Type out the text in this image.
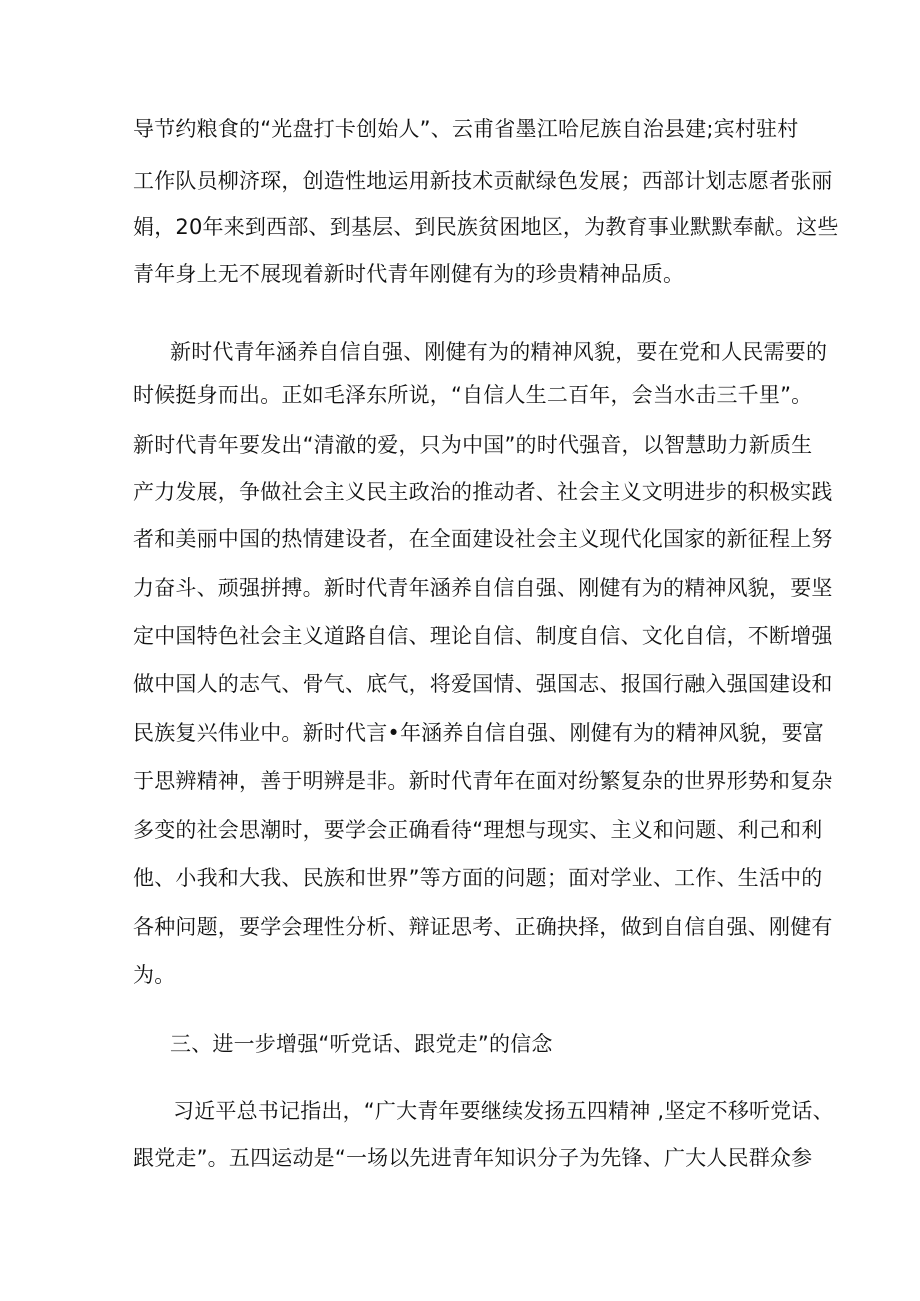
导节约粮食的“光盘打卡创始人”、云甫省墨江哈尼族自治县建;宾村驻村
工作队员柳济琛，创造性地运用新技术贡献绿色发展；西部计划志愿者张丽
娟，20年来到西部、到基层、到民族贫困地区，为教育事业默默奉献。这些
青年身上无不展现着新时代青年刚健有为的珍贵精神品质。
新时代青年涵养自信自强、刚健有为的精神风貌，要在党和人民需要的
时候挺身而出。正如毛泽东所说，“自信人生二百年，会当水击三千里”。
新时代青年要发出“清澈的爱，只为中国”的时代强音，以智慧助力新质生
产力发展，争做社会主义民主政治的推动者、社会主义文明进步的积极实践
者和美丽中国的热情建设者，在全面建设社会主义现代化国家的新征程上努
力奋斗、顽强拼搏。新时代青年涵养自信自强、刚健有为的精神风貌，要坚
定中国特色社会主义道路自信、理论自信、制度自信、文化自信，不断增强
做中国人的志气、骨气、底气，将爱国情、强国志、报国行融入强国建设和
民族复兴伟业中。新时代言•年涵养自信自强、刚健有为的精神风貌，要富
于思辨精神，善于明辨是非。新时代青年在面对纷繁复杂的世界形势和复杂
多变的社会思潮时，要学会正确看待“理想与现实、主义和问题、利己和利
他、小我和大我、民族和世界”等方面的问题；面对学业、工作、生活中的
各种问题，要学会理性分析、辩证思考、正确抉择，做到自信自强、刚健有
为。
三、进一步增强“听党话、跟党走”的信念
习近平总书记指出，“广大青年要继续发扬五四精神 ,坚定不移听党话、
跟党走”。五四运动是“一场以先进青年知识分子为先锋、广大人民群众参
